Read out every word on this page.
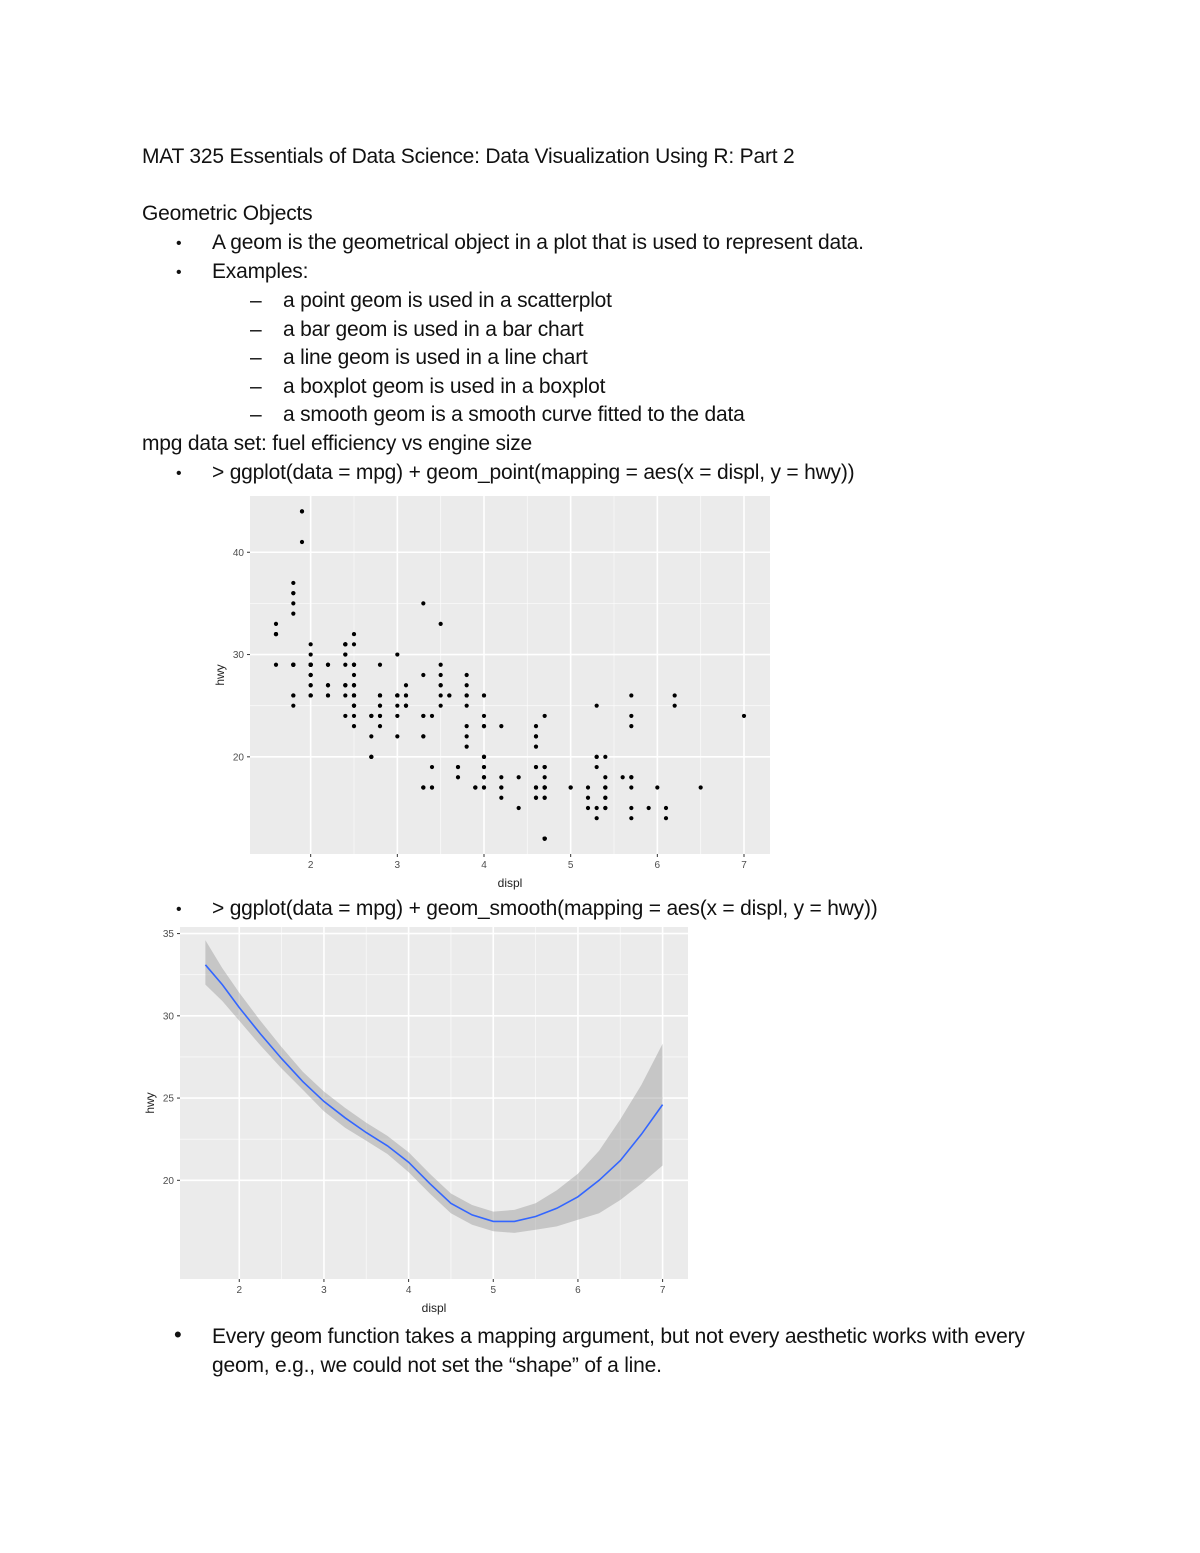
MAT 325 Essentials of Data Science: Data Visualization Using R: Part 2
Geometric Objects
• A geom is the geometrical object in a plot that is used to represent data.
• Examples:
– a point geom is used in a scatterplot
– a bar geom is used in a bar chart
– a line geom is used in a line chart
– a boxplot geom is used in a boxplot
– a smooth geom is a smooth curve fitted to the data
mpg data set: fuel efficiency vs engine size
• > ggplot(data = mpg) + geom_point(mapping = aes(x = displ, y = hwy))
2	3	4	5	6	7
20
30
40
displ
hwy
• > ggplot(data = mpg) + geom_smooth(mapping = aes(x = displ, y = hwy))
2	3	4	5	6	7
20
25
30
35
displ
hwy
• Every geom function takes a mapping argument, but not every aesthetic works with every geom, e.g., we could not set the “shape” of a line.
